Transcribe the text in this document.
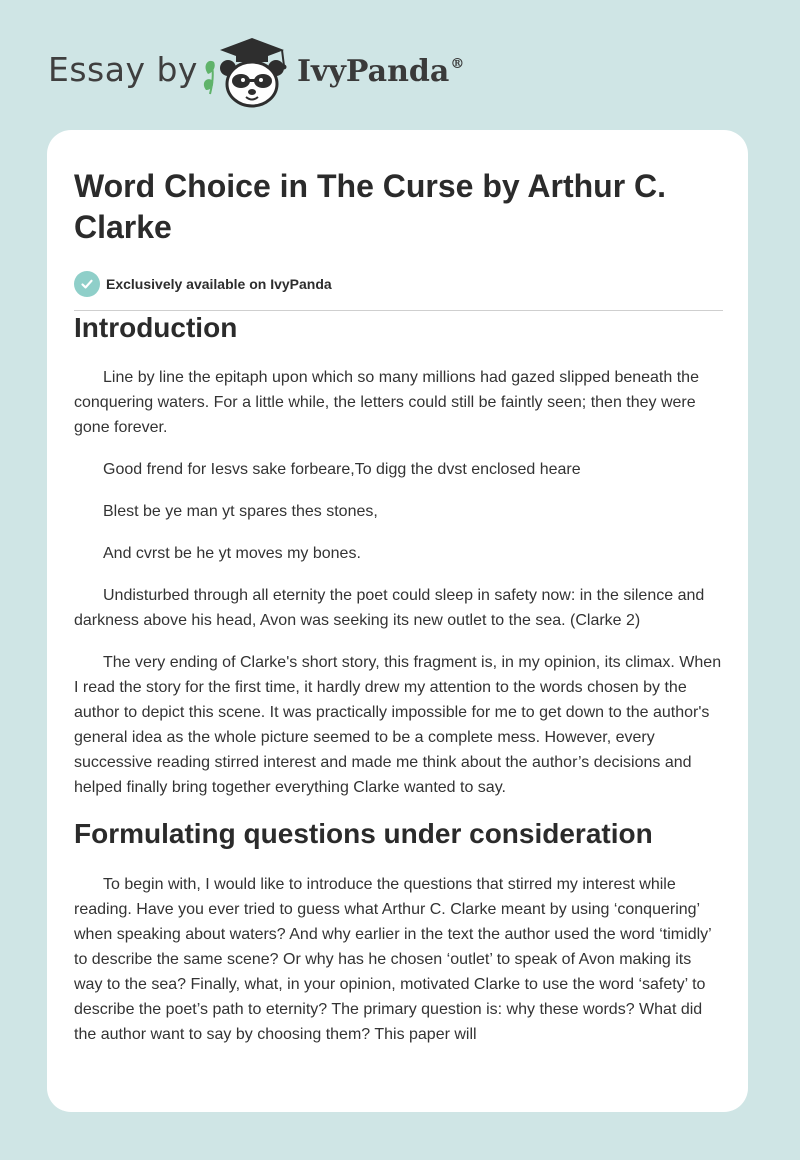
Essay by	IvyPanda®
Word Choice in The Curse by Arthur C. Clarke
Exclusively available on IvyPanda
Introduction

Line by line the epitaph upon which so many millions had gazed slipped beneath the conquering waters. For a little while, the letters could still be faintly seen; then they were gone forever.

Good frend for Iesvs sake forbeare,To digg the dvst enclosed heare

Blest be ye man yt spares thes stones,

And cvrst be he yt moves my bones.

Undisturbed through all eternity the poet could sleep in safety now: in the silence and darkness above his head, Avon was seeking its new outlet to the sea. (Clarke 2)

The very ending of Clarke's short story, this fragment is, in my opinion, its climax. When I read the story for the first time, it hardly drew my attention to the words chosen by the author to depict this scene. It was practically impossible for me to get down to the author's general idea as the whole picture seemed to be a complete mess. However, every successive reading stirred interest and made me think about the author’s decisions and helped finally bring together everything Clarke wanted to say.

Formulating questions under consideration

To begin with, I would like to introduce the questions that stirred my interest while reading. Have you ever tried to guess what Arthur C. Clarke meant by using ‘conquering’ when speaking about waters? And why earlier in the text the author used the word ‘timidly’ to describe the same scene? Or why has he chosen ‘outlet’ to speak of Avon making its way to the sea? Finally, what, in your opinion, motivated Clarke to use the word ‘safety’ to describe the poet’s path to eternity? The primary question is: why these words? What did the author want to say by choosing them? This paper will
